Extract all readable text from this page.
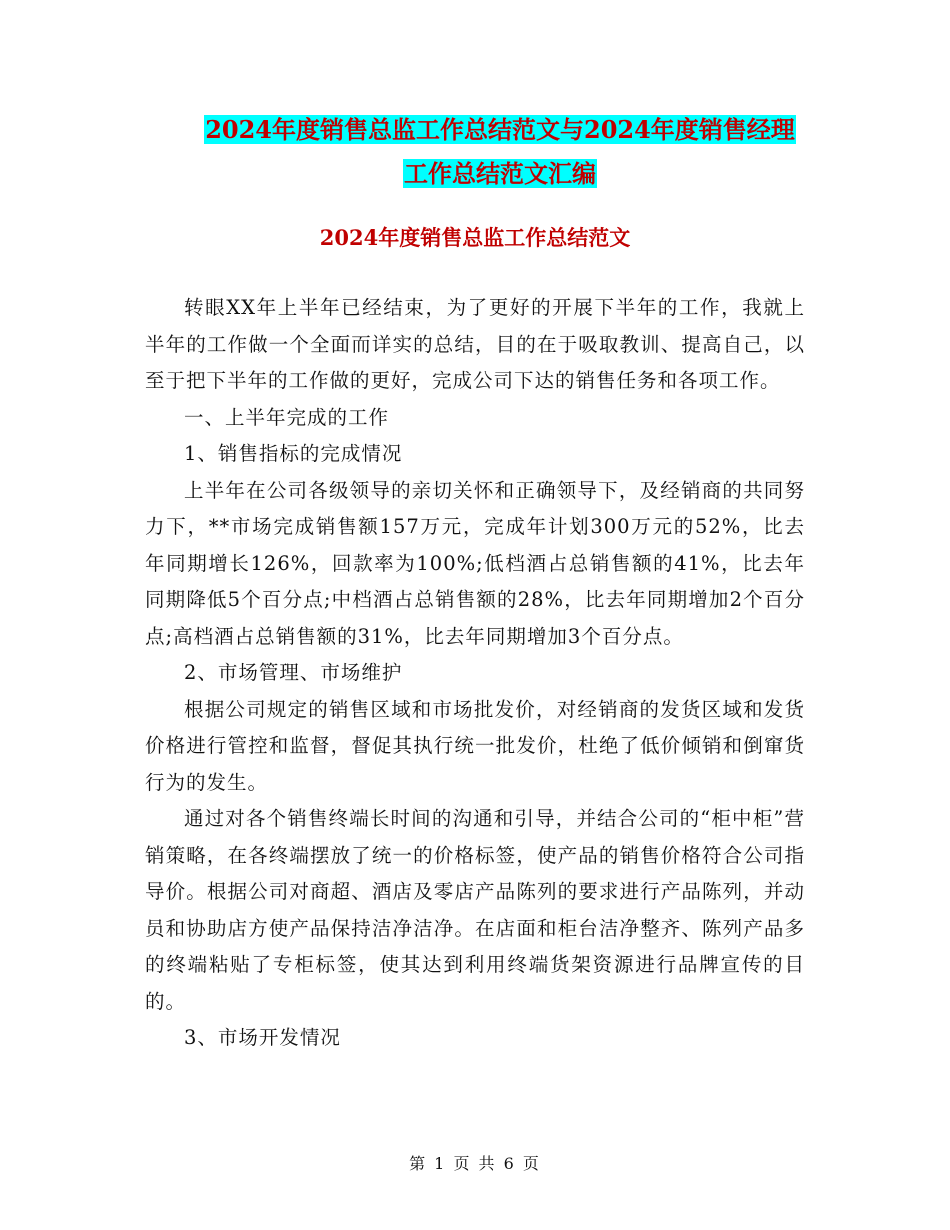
2024年度销售总监工作总结范文与2024年度销售经理
工作总结范文汇编
2024年度销售总监工作总结范文

转眼XX年上半年已经结束，为了更好的开展下半年的工作，我就上半年的工作做一个全面而详实的总结，目的在于吸取教训、提高自己，以至于把下半年的工作做的更好，完成公司下达的销售任务和各项工作。

一、上半年完成的工作

1、销售指标的完成情况

上半年在公司各级领导的亲切关怀和正确领导下，及经销商的共同努力下，**市场完成销售额157万元，完成年计划300万元的52%，比去年同期增长126%，回款率为100%;低档酒占总销售额的41%，比去年同期降低5个百分点;中档酒占总销售额的28%，比去年同期增加2个百分点;高档酒占总销售额的31%，比去年同期增加3个百分点。

2、市场管理、市场维护

根据公司规定的销售区域和市场批发价，对经销商的发货区域和发货价格进行管控和监督，督促其执行统一批发价，杜绝了低价倾销和倒窜货行为的发生。

通过对各个销售终端长时间的沟通和引导，并结合公司的“柜中柜”营销策略，在各终端摆放了统一的价格标签，使产品的销售价格符合公司指导价。根据公司对商超、酒店及零店产品陈列的要求进行产品陈列，并动员和协助店方使产品保持洁净洁净。在店面和柜台洁净整齐、陈列产品多的终端粘贴了专柜标签，使其达到利用终端货架资源进行品牌宣传的目的。

3、市场开发情况

第 1 页 共 6 页
